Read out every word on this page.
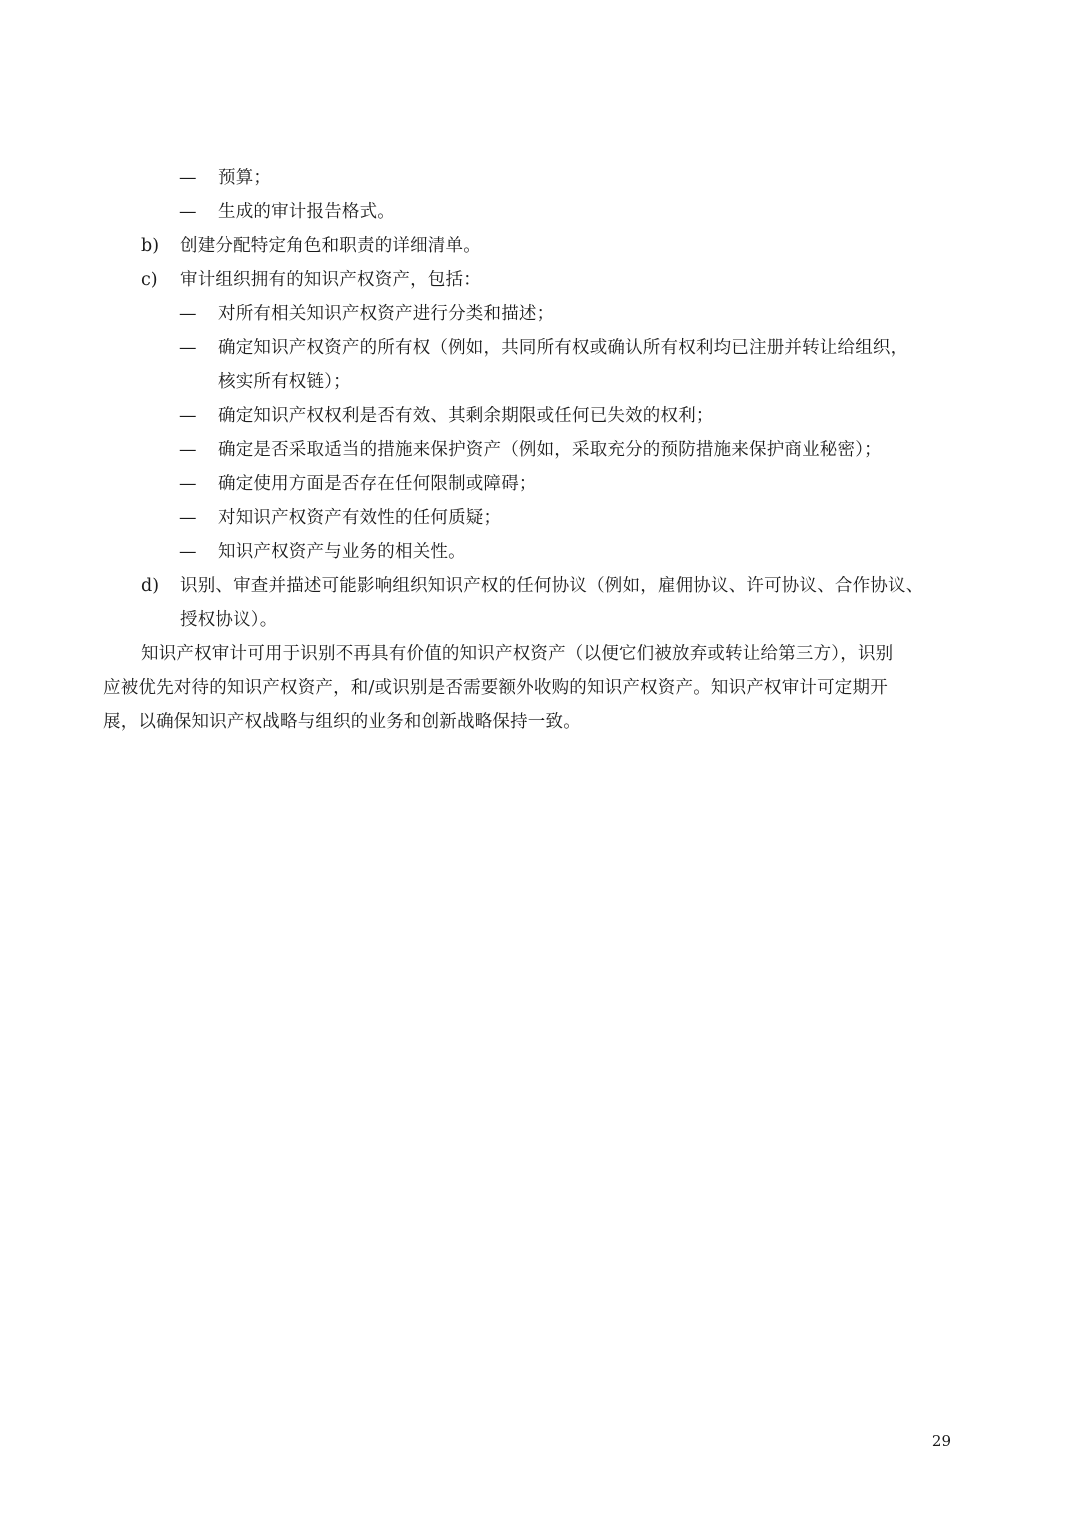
— 预算；
— 生成的审计报告格式。
b) 创建分配特定角色和职责的详细清单。
c) 审计组织拥有的知识产权资产，包括：
— 对所有相关知识产权资产进行分类和描述；
— 确定知识产权资产的所有权（例如，共同所有权或确认所有权利均已注册并转让给组织，
核实所有权链）；
— 确定知识产权权利是否有效、其剩余期限或任何已失效的权利；
— 确定是否采取适当的措施来保护资产（例如，采取充分的预防措施来保护商业秘密）；
— 确定使用方面是否存在任何限制或障碍；
— 对知识产权资产有效性的任何质疑；
— 知识产权资产与业务的相关性。
d) 识别、审查并描述可能影响组织知识产权的任何协议（例如，雇佣协议、许可协议、合作协议、
授权协议）。
知识产权审计可用于识别不再具有价值的知识产权资产（以便它们被放弃或转让给第三方），识别
应被优先对待的知识产权资产，和/或识别是否需要额外收购的知识产权资产。知识产权审计可定期开
展，以确保知识产权战略与组织的业务和创新战略保持一致。
29
